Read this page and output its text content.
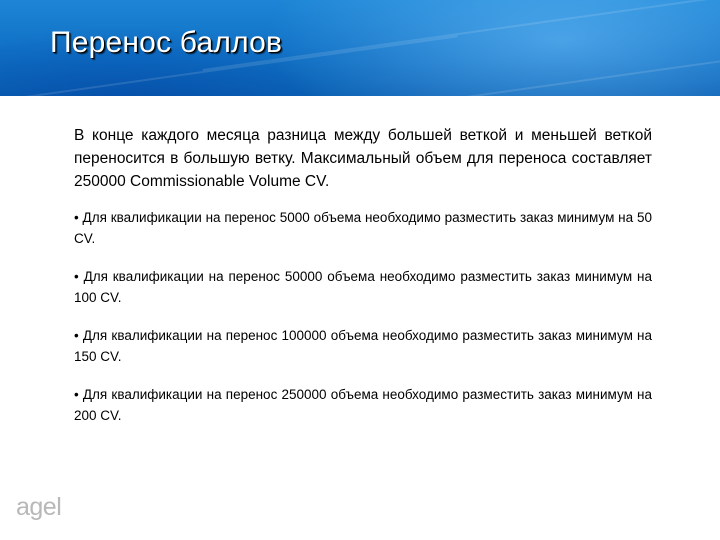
Перенос баллов

В конце каждого месяца разница между большей веткой и меньшей веткой переносится в большую ветку. Максимальный объем для переноса составляет 250000 Commissionable Volume CV.

• Для квалификации на перенос 5000 объема необходимо разместить заказ минимум на 50 CV.

• Для квалификации на перенос 50000 объема необходимо разместить заказ минимум на 100 CV.

• Для квалификации на перенос 100000 объема необходимо разместить заказ минимум на 150 CV.

• Для квалификации на перенос 250000 объема необходимо разместить заказ минимум на 200 CV.

agel
